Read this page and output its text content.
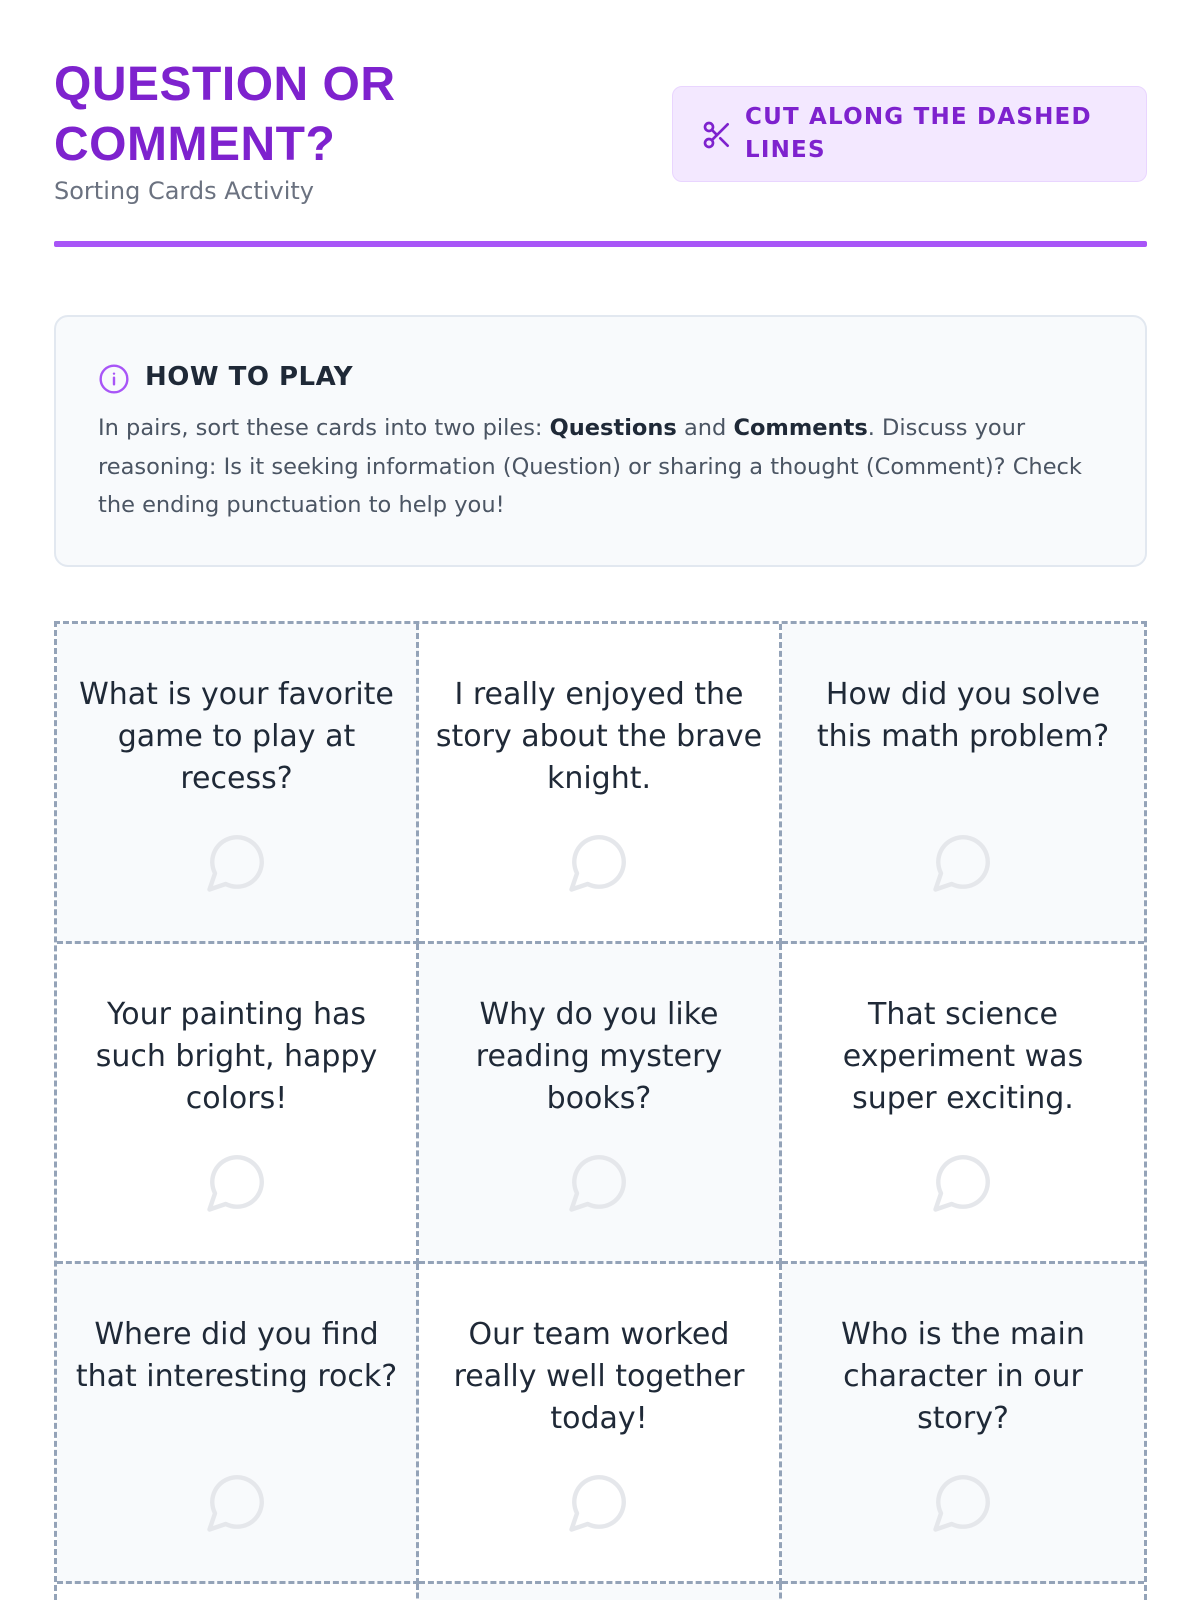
QUESTION OR COMMENT?
Sorting Cards Activity
CUT ALONG THE DASHED LINES
HOW TO PLAY
In pairs, sort these cards into two piles: Questions and Comments. Discuss your reasoning: Is it seeking information (Question) or sharing a thought (Comment)? Check the ending punctuation to help you!
What is your favorite game to play at recess?
I really enjoyed the story about the brave knight.
How did you solve this math problem?
Your painting has such bright, happy colors!
Why do you like reading mystery books?
That science experiment was super exciting.
Where did you find that interesting rock?
Our team worked really well together today!
Who is the main character in our story?
